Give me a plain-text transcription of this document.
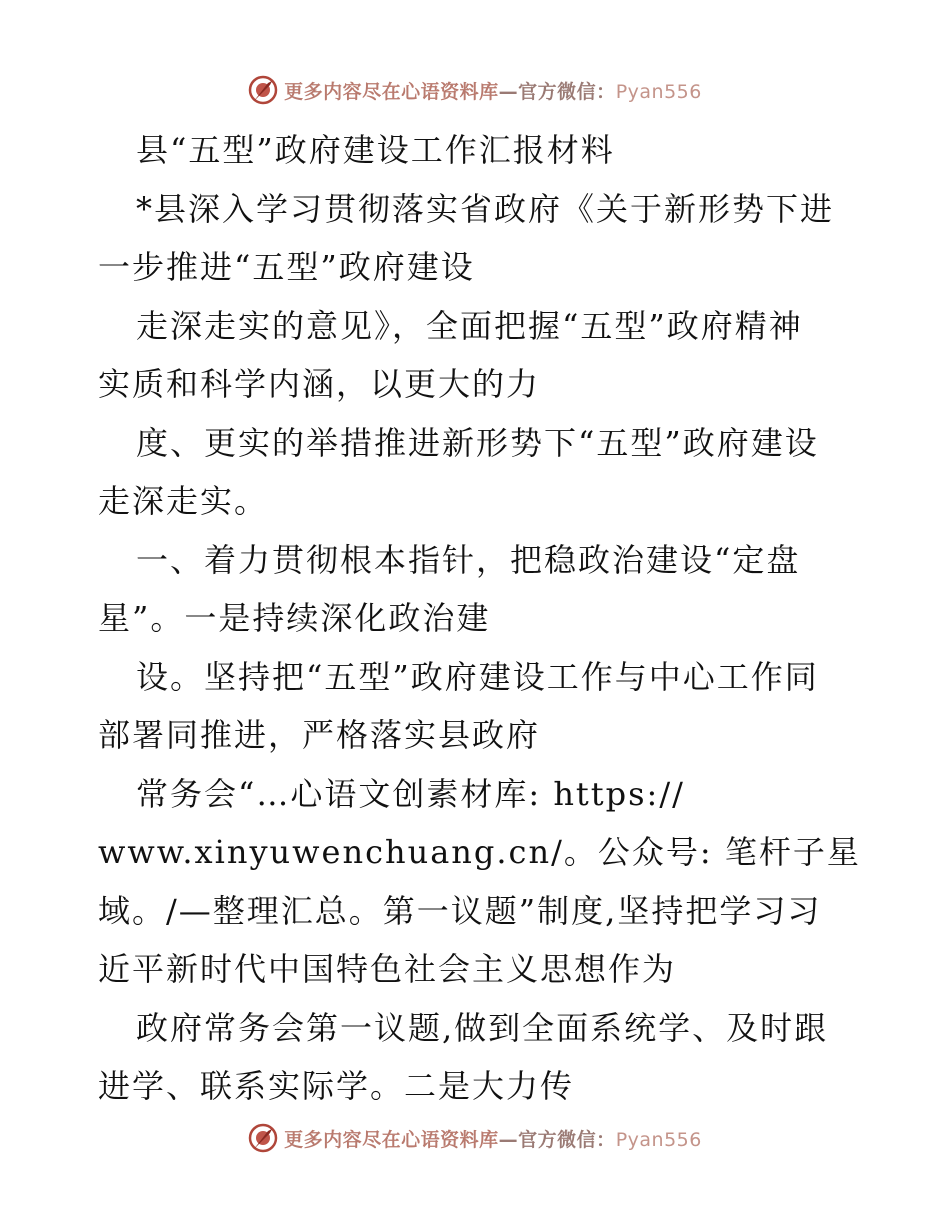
更多内容尽在心语资料库—官方微信：Pyan556
县“五型”政府建设工作汇报材料
*县深入学习贯彻落实省政府《关于新形势下进
一步推进“五型”政府建设
走深走实的意见》，全面把握“五型”政府精神
实质和科学内涵，以更大的力
度、更实的举措推进新形势下“五型”政府建设
走深走实。
一、着力贯彻根本指针，把稳政治建设“定盘
星”。一是持续深化政治建
设。坚持把“五型”政府建设工作与中心工作同
部署同推进，严格落实县政府
常务会“…心语文创素材库: https://
www.xinyuwenchuang.cn/。公众号: 笔杆子星
域。/—整理汇总。第一议题”制度,坚持把学习习
近平新时代中国特色社会主义思想作为
政府常务会第一议题,做到全面系统学、及时跟
进学、联系实际学。二是大力传
更多内容尽在心语资料库—官方微信：Pyan556
